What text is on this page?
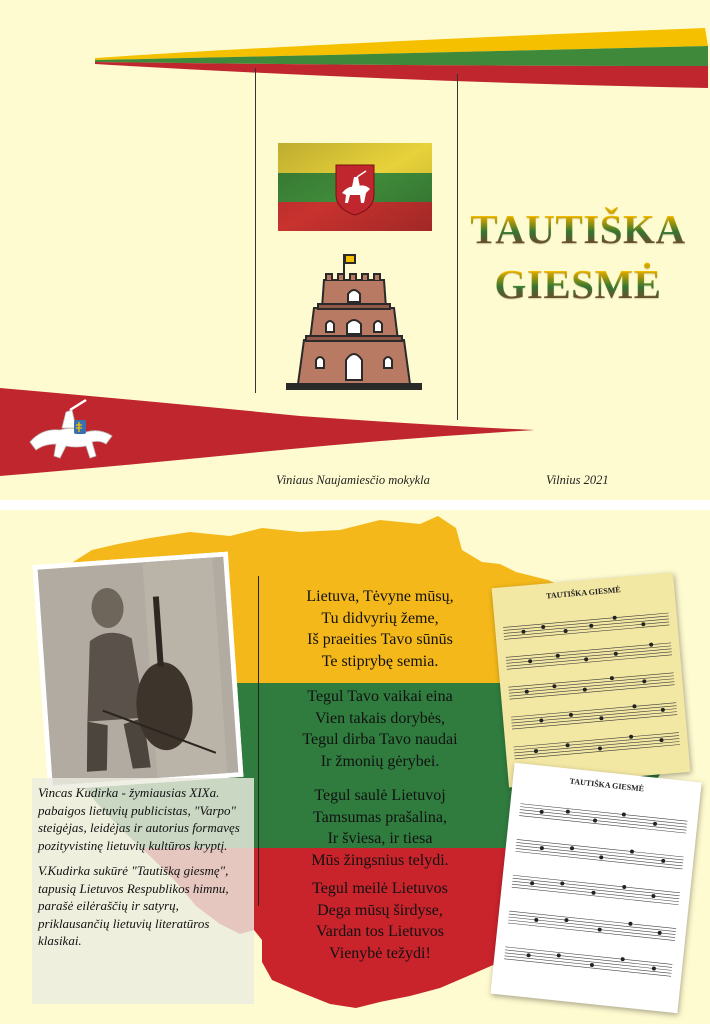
TAUTIŠKA
GIESMĖ
Viniaus Naujamiesčio mokykla	Vilnius 2021
Lietuva, Tėvyne mūsų,
Tu didvyrių žeme,
Iš praeities Tavo sūnūs
Te stiprybę semia.
Tegul Tavo vaikai eina
Vien takais dorybės,
Tegul dirba Tavo naudai
Ir žmonių gėrybei.
Tegul saulė Lietuvoj
Tamsumas prašalina,
Ir šviesa, ir tiesa
Mūs žingsnius telydi.
Tegul meilė Lietuvos
Dega mūsų širdyse,
Vardan tos Lietuvos
Vienybė težydi!

Vincas Kudirka - žymiausias XIXa. pabaigos lietuvių publicistas, "Varpo" steigėjas, leidėjas ir autorius formavęs pozityvistinę lietuvių kultūros kryptį.

V.Kudirka sukūrė "Tautišką giesmę", tapusią Lietuvos Respublikos himnu, parašė eilėraščių ir satyrų, priklausančių lietuvių literatūros klasikai.

TAUTIŠKA GIESMĖ
TAUTIŠKA GIESMĖ
